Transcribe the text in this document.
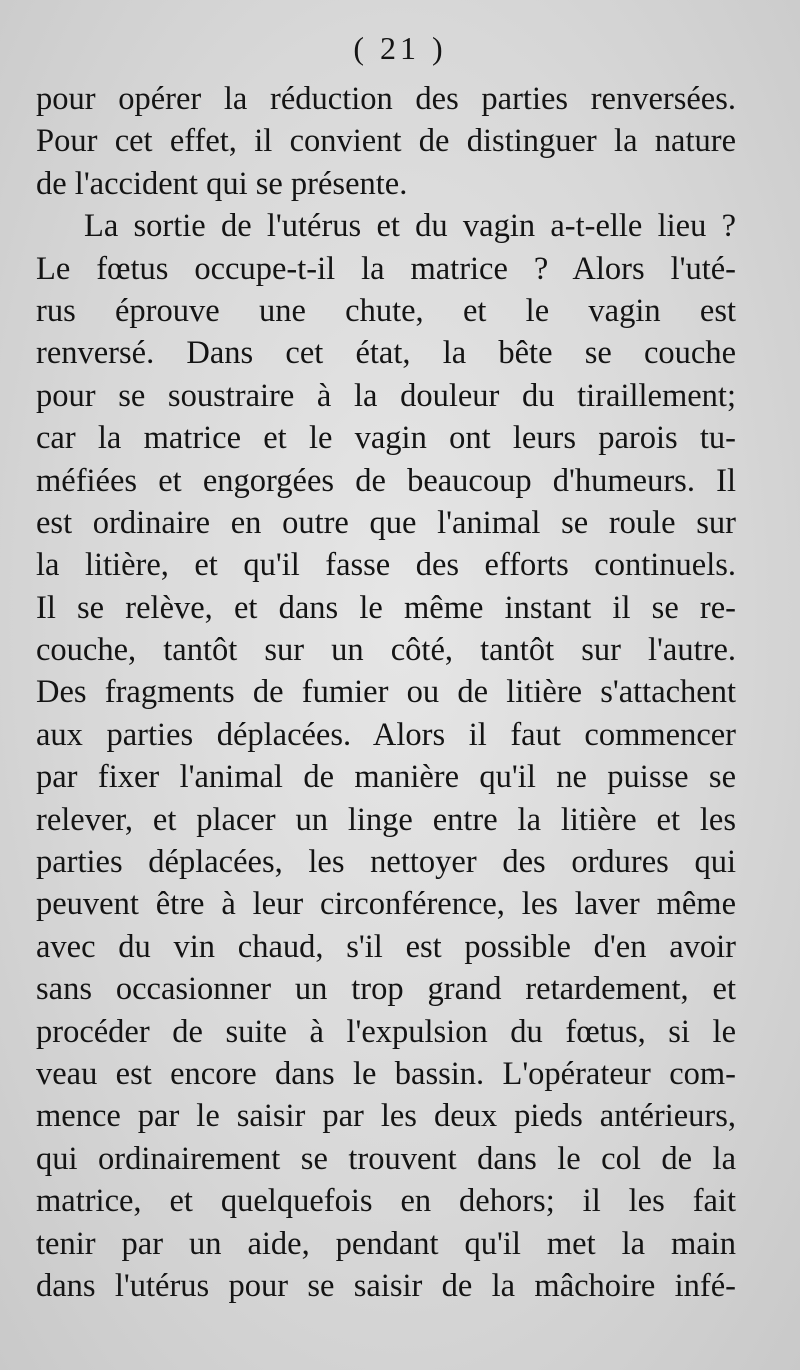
( 21 )
pour opérer la réduction des parties renversées.
Pour cet effet, il convient de distinguer la nature
de l'accident qui se présente.
La sortie de l'utérus et du vagin a-t-elle lieu ?
Le fœtus occupe-t-il la matrice ? Alors l'uté-
rus éprouve une chute, et le vagin est
renversé. Dans cet état, la bête se couche
pour se soustraire à la douleur du tiraillement;
car la matrice et le vagin ont leurs parois tu-
méfiées et engorgées de beaucoup d'humeurs. Il
est ordinaire en outre que l'animal se roule sur
la litière, et qu'il fasse des efforts continuels.
Il se relève, et dans le même instant il se re-
couche, tantôt sur un côté, tantôt sur l'autre.
Des fragments de fumier ou de litière s'attachent
aux parties déplacées. Alors il faut commencer
par fixer l'animal de manière qu'il ne puisse se
relever, et placer un linge entre la litière et les
parties déplacées, les nettoyer des ordures qui
peuvent être à leur circonférence, les laver même
avec du vin chaud, s'il est possible d'en avoir
sans occasionner un trop grand retardement, et
procéder de suite à l'expulsion du fœtus, si le
veau est encore dans le bassin. L'opérateur com-
mence par le saisir par les deux pieds antérieurs,
qui ordinairement se trouvent dans le col de la
matrice, et quelquefois en dehors; il les fait
tenir par un aide, pendant qu'il met la main
dans l'utérus pour se saisir de la mâchoire infé-
